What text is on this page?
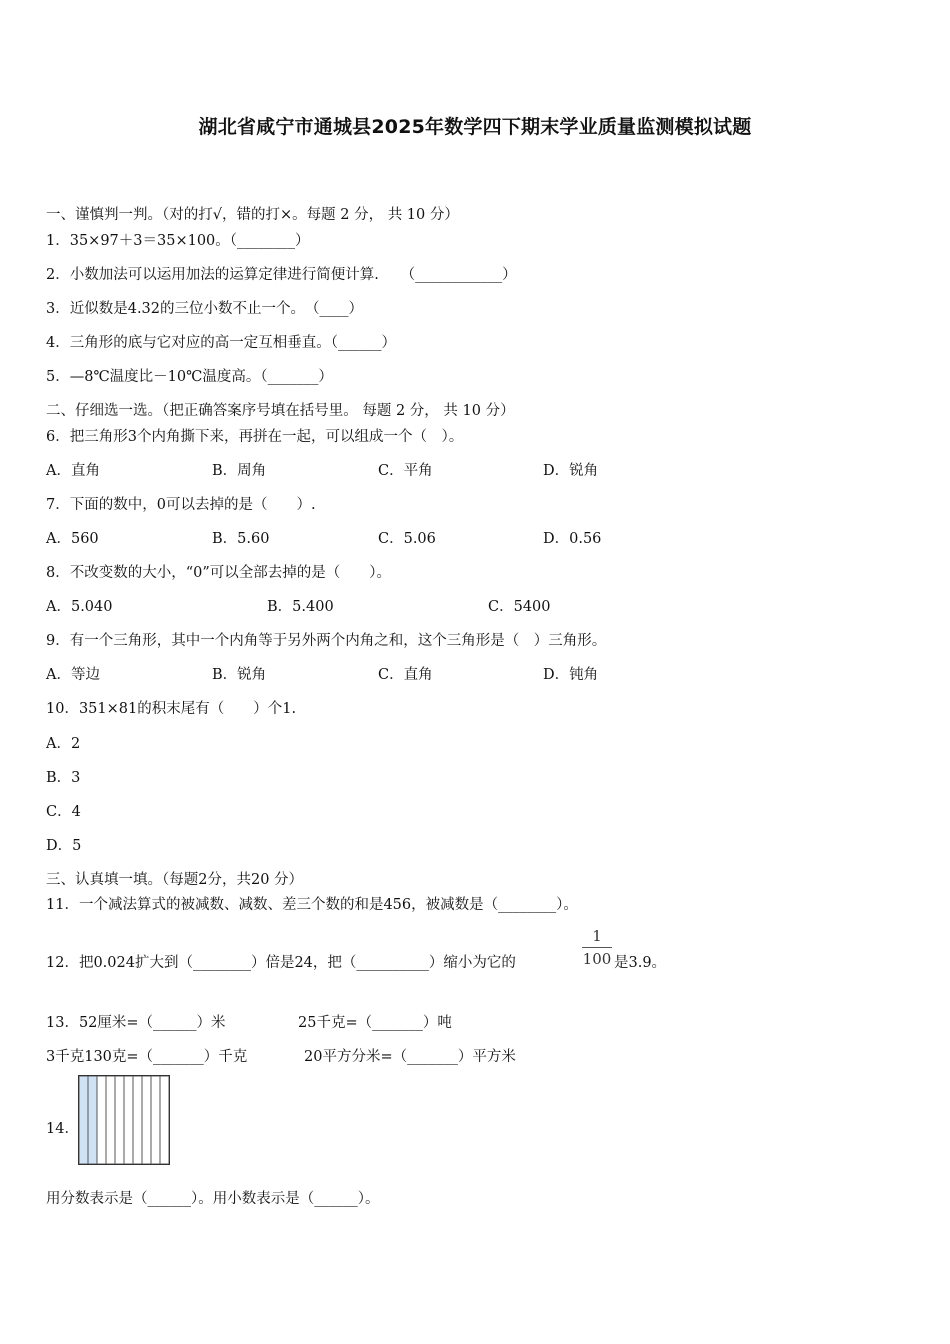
湖北省咸宁市通城县2025年数学四下期末学业质量监测模拟试题
一、谨慎判一判。（对的打√，错的打×。每题 2 分， 共 10 分）
1．35×97＋3＝35×100。（________）
2．小数加法可以运用加法的运算定律进行简便计算.　　（____________）
3．近似数是4.32的三位小数不止一个。　（____）
4．三角形的底与它对应的高一定互相垂直。（______）
5．—8℃温度比－10℃温度高。（_______）
二、仔细选一选。（把正确答案序号填在括号里。 每题 2 分， 共 10 分）
6．把三角形3个内角撕下来，再拼在一起，可以组成一个（　）。
A．直角	B．周角	C．平角	D．锐角
7．下面的数中，0可以去掉的是（　　）.
A．560	B．5.60	C．5.06	D．0.56
8．不改变数的大小，“0”可以全部去掉的是（　　）。
A．5.040	B．5.400	C．5400
9．有一个三角形，其中一个内角等于另外两个内角之和，这个三角形是（　）三角形。
A．等边	B．锐角	C．直角	D．钝角
10．351×81的积末尾有（　　）个1.
A．2
B．3
C．4
D．5
三、认真填一填。（每题2分，共20 分）
11．一个减法算式的被减数、减数、差三个数的和是456，被减数是（________）。
12．把0.024扩大到（________）倍是24，把（__________）缩小为它的
1
100 是3.9。
13．52厘米=（______）米	25千克=（_______）吨
3千克130克=（_______）千克	20平方分米=（_______）平方米
14．
用分数表示是（______）。用小数表示是（______）。
